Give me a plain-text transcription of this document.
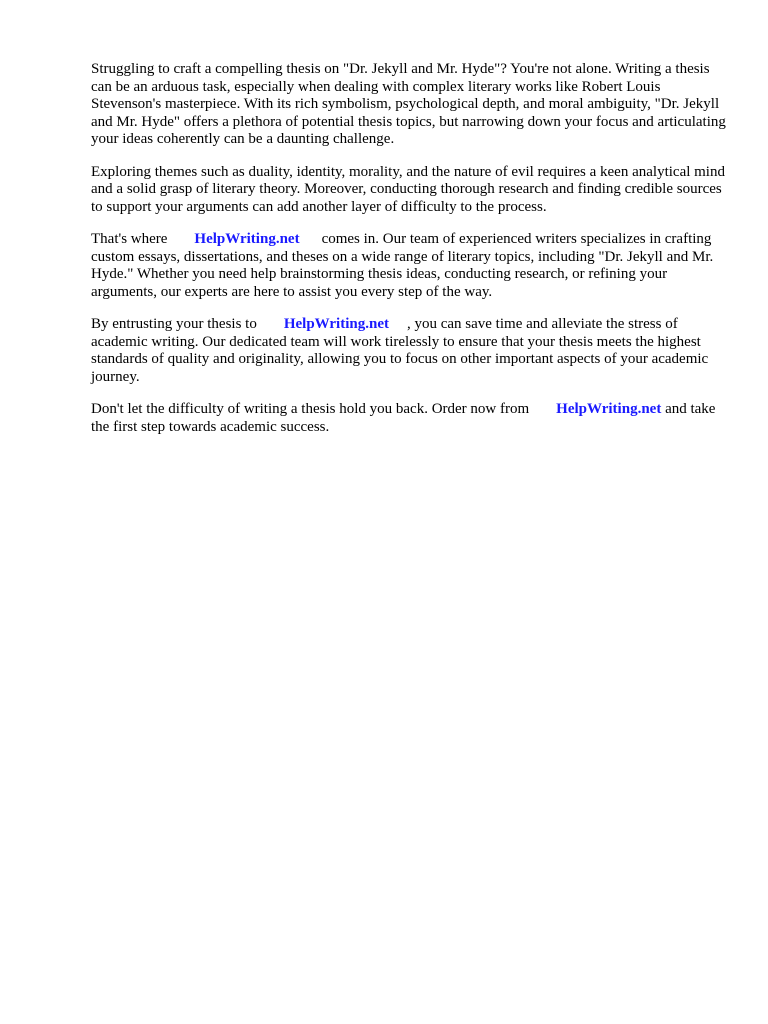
Struggling to craft a compelling thesis on "Dr. Jekyll and Mr. Hyde"? You're not alone. Writing a thesis can be an arduous task, especially when dealing with complex literary works like Robert Louis Stevenson's masterpiece. With its rich symbolism, psychological depth, and moral ambiguity, "Dr. Jekyll and Mr. Hyde" offers a plethora of potential thesis topics, but narrowing down your focus and articulating your ideas coherently can be a daunting challenge.

Exploring themes such as duality, identity, morality, and the nature of evil requires a keen analytical mind and a solid grasp of literary theory. Moreover, conducting thorough research and finding credible sources to support your arguments can add another layer of difficulty to the process.

That's where HelpWriting.net comes in. Our team of experienced writers specializes in crafting custom essays, dissertations, and theses on a wide range of literary topics, including "Dr. Jekyll and Mr. Hyde." Whether you need help brainstorming thesis ideas, conducting research, or refining your arguments, our experts are here to assist you every step of the way.

By entrusting your thesis to HelpWriting.net , you can save time and alleviate the stress of academic writing. Our dedicated team will work tirelessly to ensure that your thesis meets the highest standards of quality and originality, allowing you to focus on other important aspects of your academic journey.

Don't let the difficulty of writing a thesis hold you back. Order now from HelpWriting.net and take the first step towards academic success.
